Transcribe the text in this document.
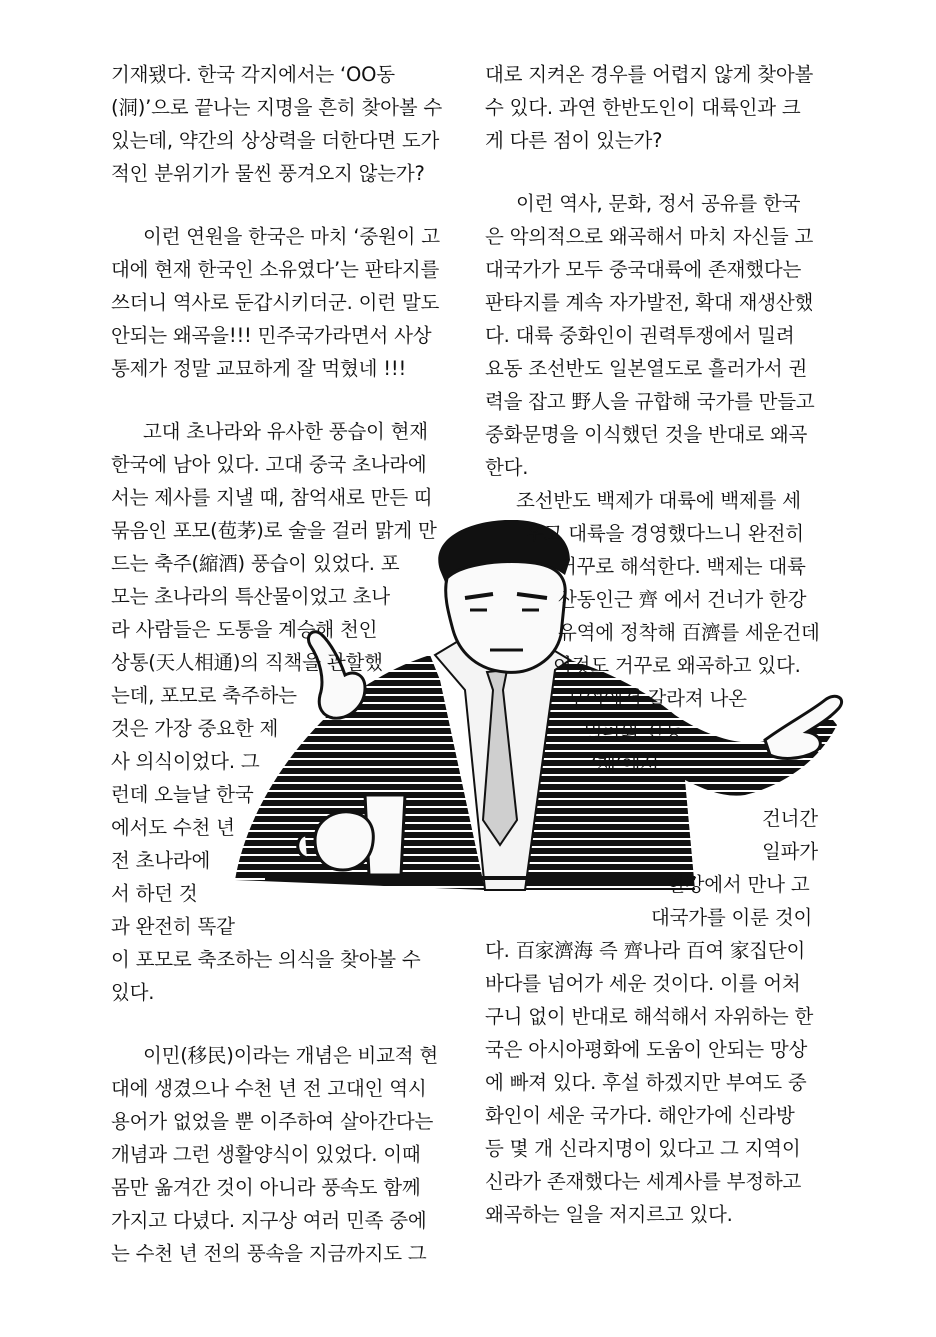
기재됐다. 한국 각지에서는 ‘OO동
(洞)’으로 끝나는 지명을 흔히 찾아볼 수
있는데, 약간의 상상력을 더한다면 도가
적인 분위기가 물씬 풍겨오지 않는가?
이런 연원을 한국은 마치 ‘중원이 고
대에 현재 한국인 소유였다’는 판타지를
쓰더니 역사로 둔갑시키더군. 이런 말도
안되는 왜곡을!!! 민주국가라면서 사상
통제가 정말 교묘하게 잘 먹혔네 !!!
고대 초나라와 유사한 풍습이 현재
한국에 남아 있다. 고대 중국 초나라에
서는 제사를 지낼 때, 참억새로 만든 띠
묶음인 포모(苞茅)로 술을 걸러 맑게 만
드는 축주(縮酒) 풍습이 있었다. 포
모는 초나라의 특산물이었고 초나
라 사람들은 도통을 계승해 천인
상통(天人相通)의 직책을 관할했
는데, 포모로 축주하는
것은 가장 중요한 제
사 의식이었다. 그
런데 오늘날 한국
에서도 수천 년
전 초나라에
서 하던 것
과 완전히 똑같
이 포모로 축조하는 의식을 찾아볼 수
있다.
이민(移民)이라는 개념은 비교적 현
대에 생겼으나 수천 년 전 고대인 역시
용어가 없었을 뿐 이주하여 살아간다는
개념과 그런 생활양식이 있었다. 이때
몸만 옮겨간 것이 아니라 풍속도 함께
가지고 다녔다. 지구상 여러 민족 중에
는 수천 년 전의 풍속을 지금까지도 그
대로 지켜온 경우를 어렵지 않게 찾아볼
수 있다. 과연 한반도인이 대륙인과 크
게 다른 점이 있는가?
이런 역사, 문화, 정서 공유를 한국
은 악의적으로 왜곡해서 마치 자신들 고
대국가가 모두 중국대륙에 존재했다는
판타지를 계속 자가발전, 확대 재생산했
다. 대륙 중화인이 권력투쟁에서 밀려
요동 조선반도 일본열도로 흘러가서 권
력을 잡고 野人을 규합해 국가를 만들고
중화문명을 이식했던 것을 반대로 왜곡
한다.
조선반도 백제가 대륙에 백제를 세
우고 대륙을 경영했다느니 완전히
거꾸로 해석한다. 백제는 대륙
산동인근 齊 에서 건너가 한강
유역에 정착해 百濟를 세운건데
이것도 거꾸로 왜곡하고 있다.
부여에서 갈라져 나온
일파와 산동
‘제’에서
건너간
일파가
한강에서 만나 고
대국가를 이룬 것이
다. 百家濟海 즉 齊나라 百여 家집단이
바다를 넘어가 세운 것이다. 이를 어처
구니 없이 반대로 해석해서 자위하는 한
국은 아시아평화에 도움이 안되는 망상
에 빠져 있다. 후설 하겠지만 부여도 중
화인이 세운 국가다. 해안가에 신라방
등 몇 개 신라지명이 있다고 그 지역이
신라가 존재했다는 세계사를 부정하고
왜곡하는 일을 저지르고 있다.
